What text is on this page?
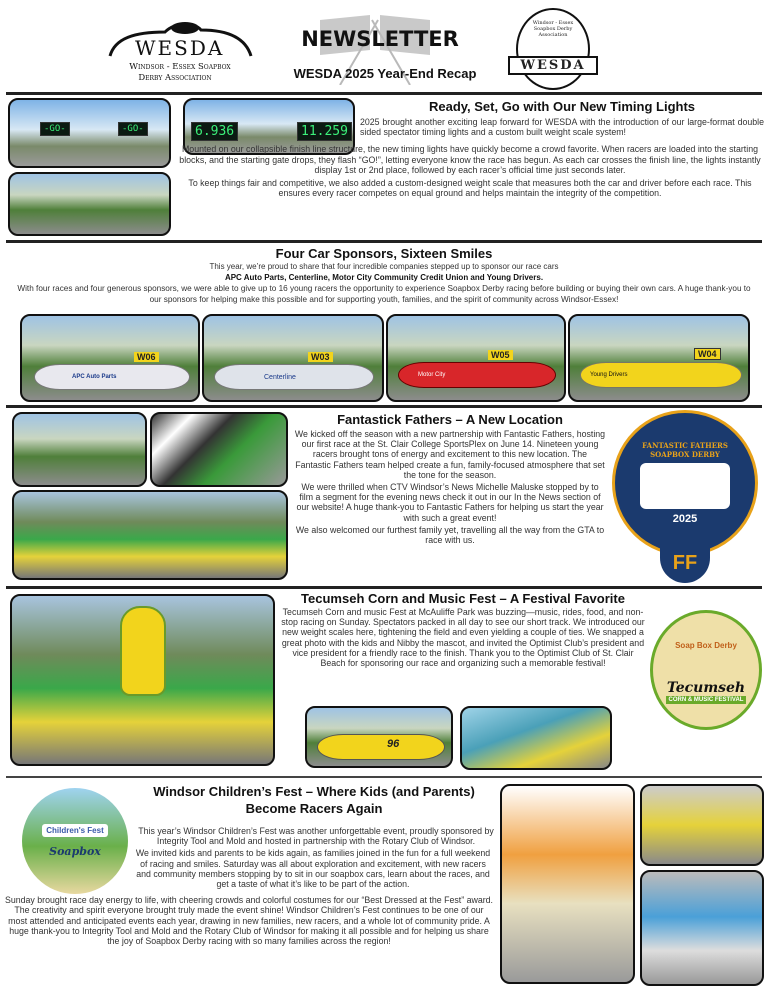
WESDA
Windsor - Essex Soapbox
Derby Association
NEWSLETTER
WESDA 2025 Year-End Recap
Windsor - Essex Soapbox Derby Association
WESDA
-GO-	-GO-	6.936	11.259
Ready, Set, Go with Our New Timing Lights

2025 brought another exciting leap forward for WESDA with the introduction of our large-format double sided spectator timing lights and a custom built weight scale system!

Mounted on our collapsible finish line structure, the new timing lights have quickly become a crowd favorite. When racers are loaded into the starting blocks, and the starting gate drops, they flash “GO!”, letting everyone know the race has begun. As each car crosses the finish line, the lights instantly display 1st or 2nd place, followed by each racer’s official time just seconds later.

To keep things fair and competitive, we also added a custom-designed weight scale that measures both the car and driver before each race. This ensures every racer competes on equal ground and helps maintain the integrity of the competition.

Four Car Sponsors, Sixteen Smiles

This year, we’re proud to share that four incredible companies stepped up to sponsor our race cars

APC Auto Parts, Centerline, Motor City Community Credit Union and Young Drivers.

With four races and four generous sponsors, we were able to give up to 16 young racers the opportunity to experience Soapbox Derby racing before building or buying their own cars. A huge thank-you to our sponsors for helping make this possible and for supporting youth, families, and the spirit of community across Windsor-Essex!

W06
APC Auto Parts
W03
Centerline
W05
Motor City
W04
Young Drivers
Fantastick Fathers – A New Location

We kicked off the season with a new partnership with Fantastic Fathers, hosting our first race at the St. Clair College SportsPlex on June 14. Nineteen young racers brought tons of energy and excitement to this new location. The Fantastic Fathers team helped create a fun, family-focused atmosphere that set the tone for the season.

We were thrilled when CTV Windsor’s News Michelle Maluske stopped by to film a segment for the evening news check it out in our In the News section of our website! A huge thank-you to Fantastic Fathers for helping us start the year with such a great event!

We also welcomed our furthest family yet, travelling all the way from the GTA to race with us.

FANTASTIC FATHERS SOAPBOX DERBY
2025
FF
Tecumseh Corn and Music Fest – A Festival Favorite

Tecumseh Corn and music Fest at McAuliffe Park was buzzing—music, rides, food, and non-stop racing on Sunday. Spectators packed in all day to see our short track. We introduced our new weight scales here, tightening the field and even yielding a couple of ties. We snapped a great photo with the kids and Nibby the mascot, and invited the Optimist Club’s president and vice president for a friendly race to the finish. Thank you to the Optimist Club of St. Clair Beach for sponsoring our race and organizing such a memorable festival!

Soap Box Derby
Tecumseh
CORN & MUSIC FESTIVAL
96
Children's Fest
Soapbox
Windsor Children’s Fest – Where Kids (and Parents)
Become Racers Again

This year’s Windsor Children’s Fest was another unforgettable event, proudly sponsored by Integrity Tool and Mold and hosted in partnership with the Rotary Club of Windsor.

We invited kids and parents to be kids again, as families joined in the fun for a full weekend of racing and smiles. Saturday was all about exploration and excitement, with new racers and community members stopping by to sit in our soapbox cars, learn about the races, and get a taste of what it’s like to be part of the action.

Sunday brought race day energy to life, with cheering crowds and colorful costumes for our “Best Dressed at the Fest” award. The creativity and spirit everyone brought truly made the event shine! Windsor Children’s Fest continues to be one of our most attended and anticipated events each year, drawing in new families, new racers, and a whole lot of community pride. A huge thank-you to Integrity Tool and Mold and the Rotary Club of Windsor for making it all possible and for helping us share the joy of Soapbox Derby racing with so many families across the region!
